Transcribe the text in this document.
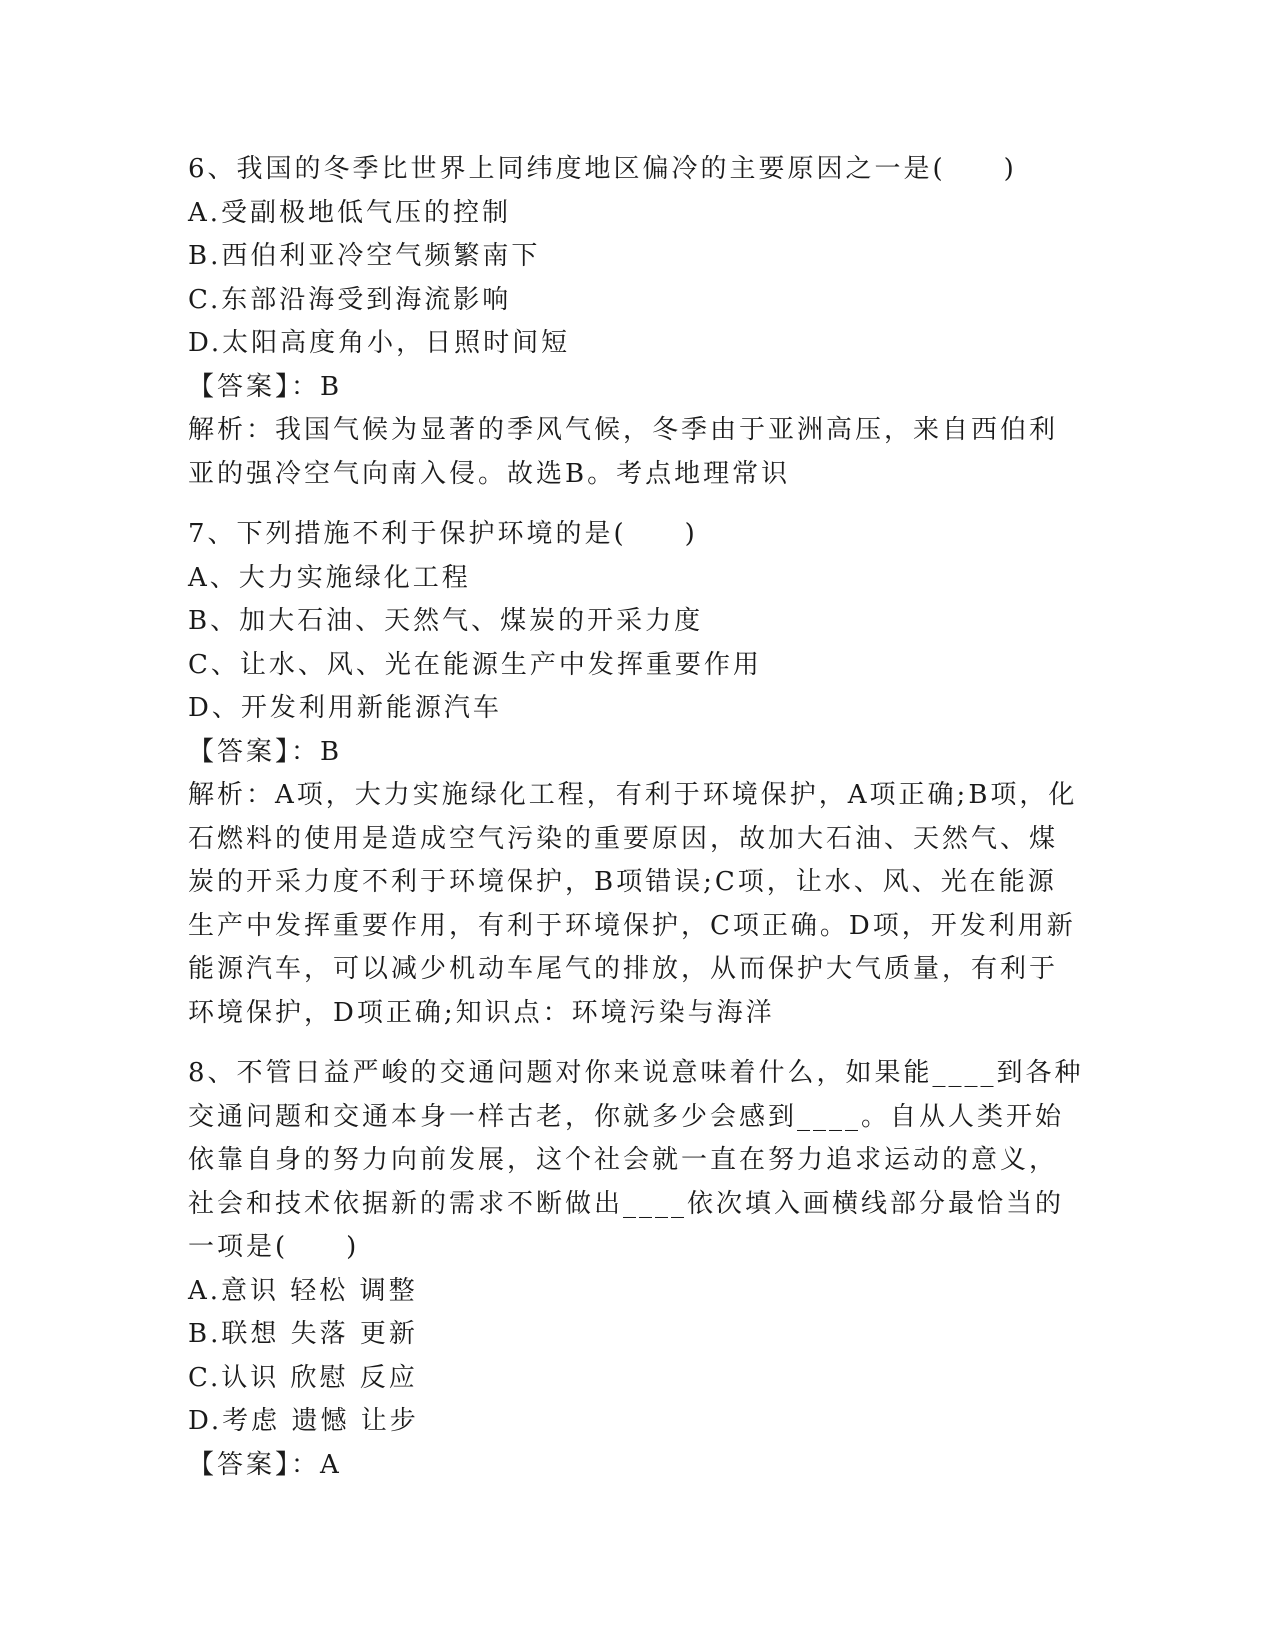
6、我国的冬季比世界上同纬度地区偏冷的主要原因之一是(　　)

A.受副极地低气压的控制

B.西伯利亚冷空气频繁南下

C.东部沿海受到海流影响

D.太阳高度角小，日照时间短

【答案】：B

解析：我国气候为显著的季风气候，冬季由于亚洲高压，来自西伯利

亚的强冷空气向南入侵。故选B。考点地理常识

7、下列措施不利于保护环境的是(　　)

A、大力实施绿化工程

B、加大石油、天然气、煤炭的开采力度

C、让水、风、光在能源生产中发挥重要作用

D、开发利用新能源汽车

【答案】：B

解析：A项，大力实施绿化工程，有利于环境保护，A项正确;B项，化

石燃料的使用是造成空气污染的重要原因，故加大石油、天然气、煤

炭的开采力度不利于环境保护，B项错误;C项，让水、风、光在能源

生产中发挥重要作用，有利于环境保护，C项正确。D项，开发利用新

能源汽车，可以减少机动车尾气的排放，从而保护大气质量，有利于

环境保护，D项正确;知识点：环境污染与海洋

8、不管日益严峻的交通问题对你来说意味着什么，如果能____到各种

交通问题和交通本身一样古老，你就多少会感到____。自从人类开始

依靠自身的努力向前发展，这个社会就一直在努力追求运动的意义，

社会和技术依据新的需求不断做出____依次填入画横线部分最恰当的

一项是(　　)

A.意识 轻松 调整

B.联想 失落 更新

C.认识 欣慰 反应

D.考虑 遗憾 让步

【答案】：A
